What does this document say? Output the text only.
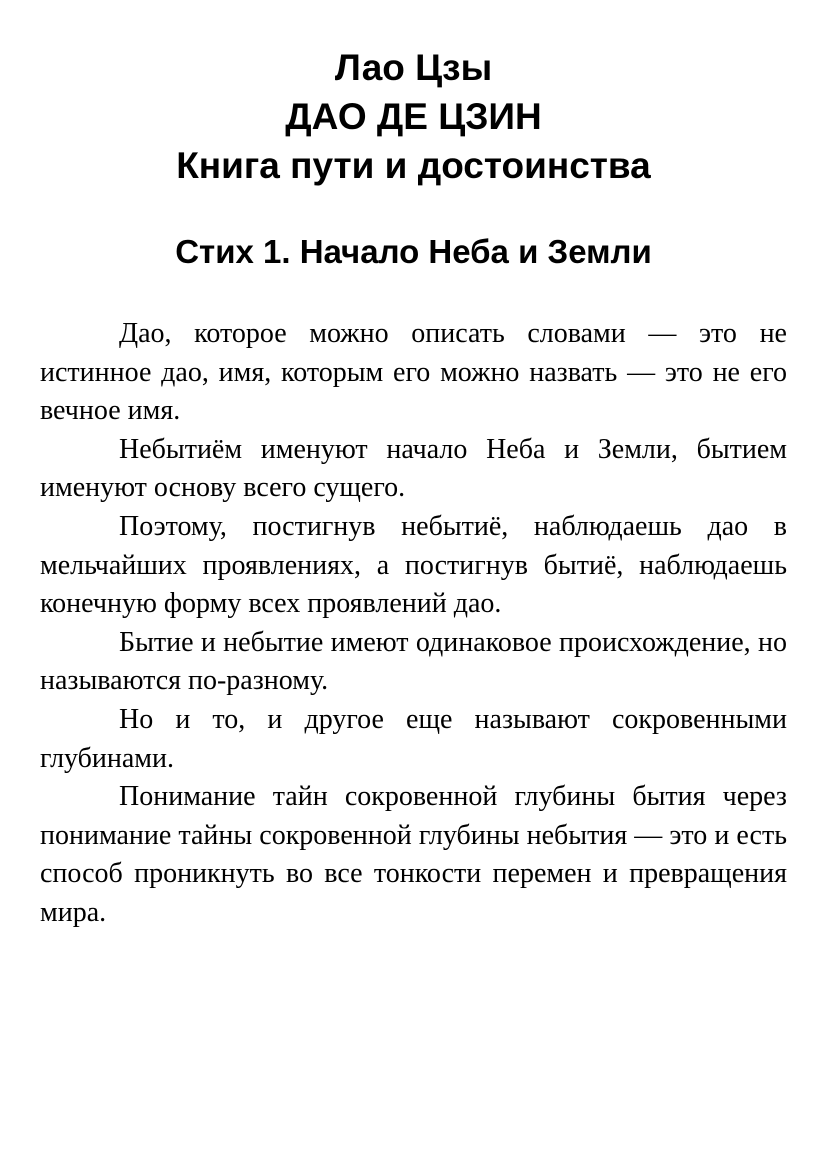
Лао Цзы
ДАО ДЕ ЦЗИН
Книга пути и достоинства
Стих 1. Начало Неба и Земли

Дао, которое можно описать словами — это не истинное дао, имя, которым его можно назвать — это не его вечное имя.

Небытиём именуют начало Неба и Земли, бытием именуют основу всего сущего.

Поэтому, постигнув небытиё, наблюдаешь дао в мельчайших проявлениях, а постигнув бытиё, наблюдаешь конечную форму всех проявлений дао.

Бытие и небытие имеют одинаковое происхождение, но называются по-разному.

Но и то, и другое еще называют сокровенными глубинами.

Понимание тайн сокровенной глубины бытия через понимание тайны сокровенной глубины небытия — это и есть способ проникнуть во все тонкости перемен и превращения мира.
